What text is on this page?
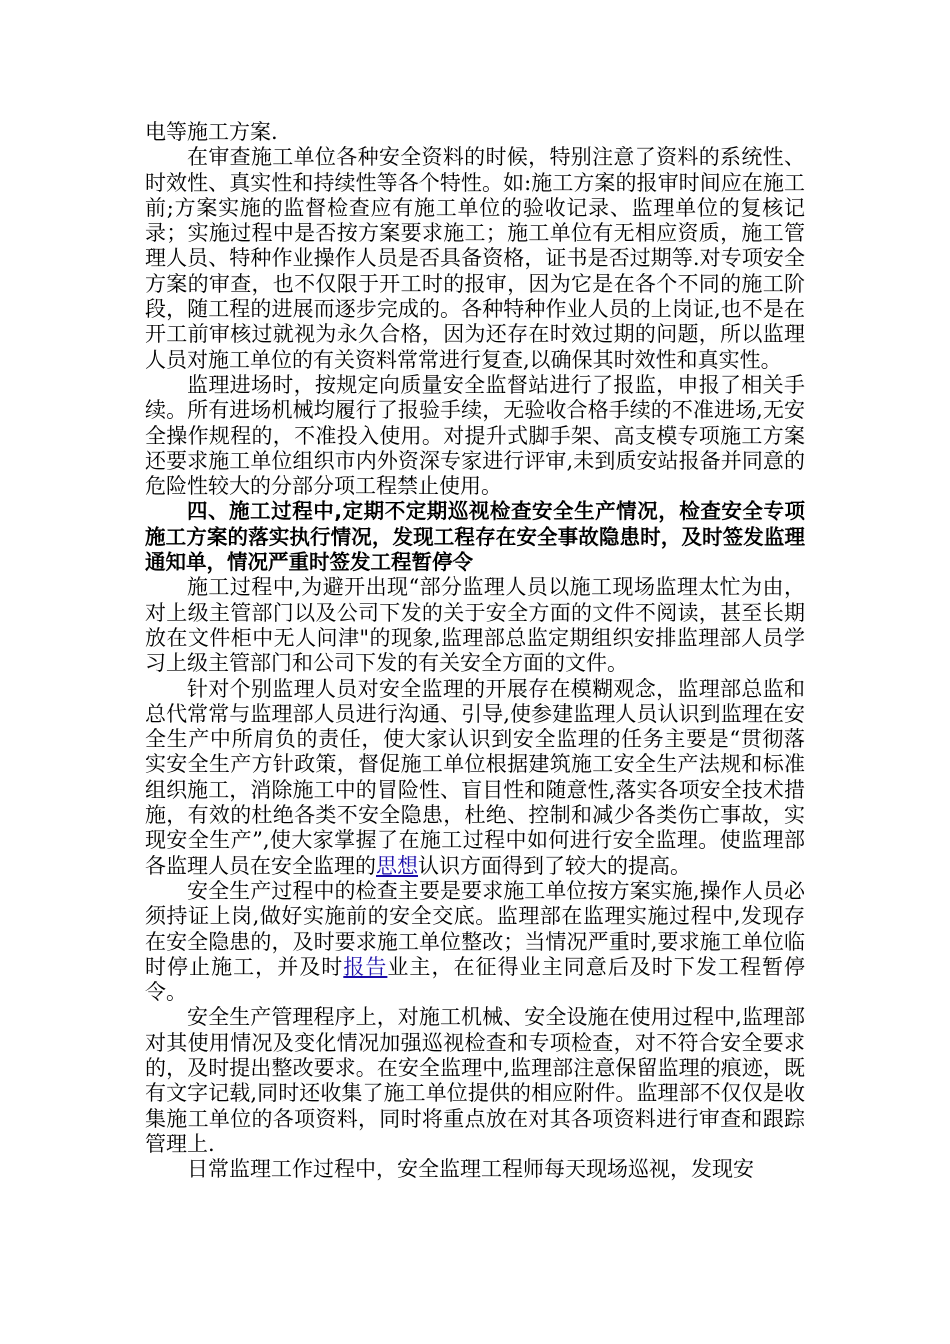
电等施工方案.

在审查施工单位各种安全资料的时候，特别注意了资料的系统性、时效性、真实性和持续性等各个特性。如:施工方案的报审时间应在施工前;方案实施的监督检查应有施工单位的验收记录、监理单位的复核记录；实施过程中是否按方案要求施工；施工单位有无相应资质，施工管理人员、特种作业操作人员是否具备资格，证书是否过期等.对专项安全方案的审查，也不仅限于开工时的报审，因为它是在各个不同的施工阶段，随工程的进展而逐步完成的。各种特种作业人员的上岗证,也不是在开工前审核过就视为永久合格，因为还存在时效过期的问题，所以监理人员对施工单位的有关资料常常进行复查,以确保其时效性和真实性。

监理进场时，按规定向质量安全监督站进行了报监，申报了相关手续。所有进场机械均履行了报验手续，无验收合格手续的不准进场,无安全操作规程的，不准投入使用。对提升式脚手架、高支模专项施工方案还要求施工单位组织市内外资深专家进行评审,未到质安站报备并同意的危险性较大的分部分项工程禁止使用。

四、施工过程中,定期不定期巡视检查安全生产情况，检查安全专项施工方案的落实执行情况，发现工程存在安全事故隐患时，及时签发监理通知单，情况严重时签发工程暂停令

施工过程中,为避开出现“部分监理人员以施工现场监理太忙为由，对上级主管部门以及公司下发的关于安全方面的文件不阅读，甚至长期放在文件柜中无人问津"的现象,监理部总监定期组织安排监理部人员学习上级主管部门和公司下发的有关安全方面的文件。

针对个别监理人员对安全监理的开展存在模糊观念，监理部总监和总代常常与监理部人员进行沟通、引导,使参建监理人员认识到监理在安全生产中所肩负的责任，使大家认识到安全监理的任务主要是“贯彻落实安全生产方针政策，督促施工单位根据建筑施工安全生产法规和标准组织施工，消除施工中的冒险性、盲目性和随意性,落实各项安全技术措施，有效的杜绝各类不安全隐患，杜绝、控制和减少各类伤亡事故，实现安全生产”,使大家掌握了在施工过程中如何进行安全监理。使监理部各监理人员在安全监理的思想认识方面得到了较大的提高。

安全生产过程中的检查主要是要求施工单位按方案实施,操作人员必须持证上岗,做好实施前的安全交底。监理部在监理实施过程中,发现存在安全隐患的，及时要求施工单位整改；当情况严重时,要求施工单位临时停止施工，并及时报告业主，在征得业主同意后及时下发工程暂停令。

安全生产管理程序上，对施工机械、安全设施在使用过程中,监理部对其使用情况及变化情况加强巡视检查和专项检查，对不符合安全要求的，及时提出整改要求。在安全监理中,监理部注意保留监理的痕迹，既有文字记载,同时还收集了施工单位提供的相应附件。监理部不仅仅是收集施工单位的各项资料，同时将重点放在对其各项资料进行审查和跟踪管理上.

日常监理工作过程中，安全监理工程师每天现场巡视，发现安
